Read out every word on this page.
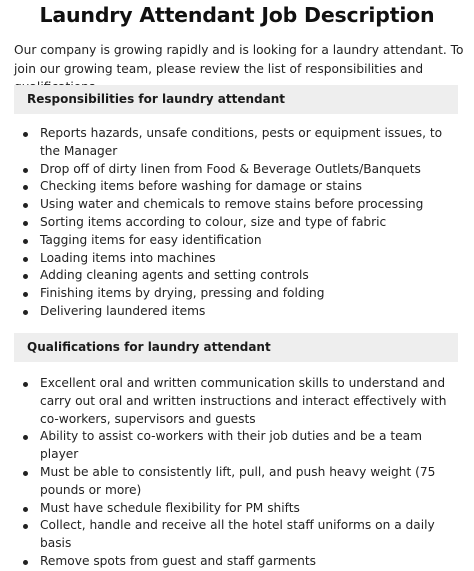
Laundry Attendant Job Description

Our company is growing rapidly and is looking for a laundry attendant. To join our growing team, please review the list of responsibilities and

Responsibilities for laundry attendant
Reports hazards, unsafe conditions, pests or equipment issues, to the Manager
Drop off of dirty linen from Food & Beverage Outlets/Banquets
Checking items before washing for damage or stains
Using water and chemicals to remove stains before processing
Sorting items according to colour, size and type of fabric
Tagging items for easy identification
Loading items into machines
Adding cleaning agents and setting controls
Finishing items by drying, pressing and folding
Delivering laundered items
Qualifications for laundry attendant
Excellent oral and written communication skills to understand and carry out oral and written instructions and interact effectively with co-workers, supervisors and guests
Ability to assist co-workers with their job duties and be a team player
Must be able to consistently lift, pull, and push heavy weight (75 pounds or more)
Must have schedule flexibility for PM shifts
Collect, handle and receive all the hotel staff uniforms on a daily basis
Remove spots from guest and staff garments
